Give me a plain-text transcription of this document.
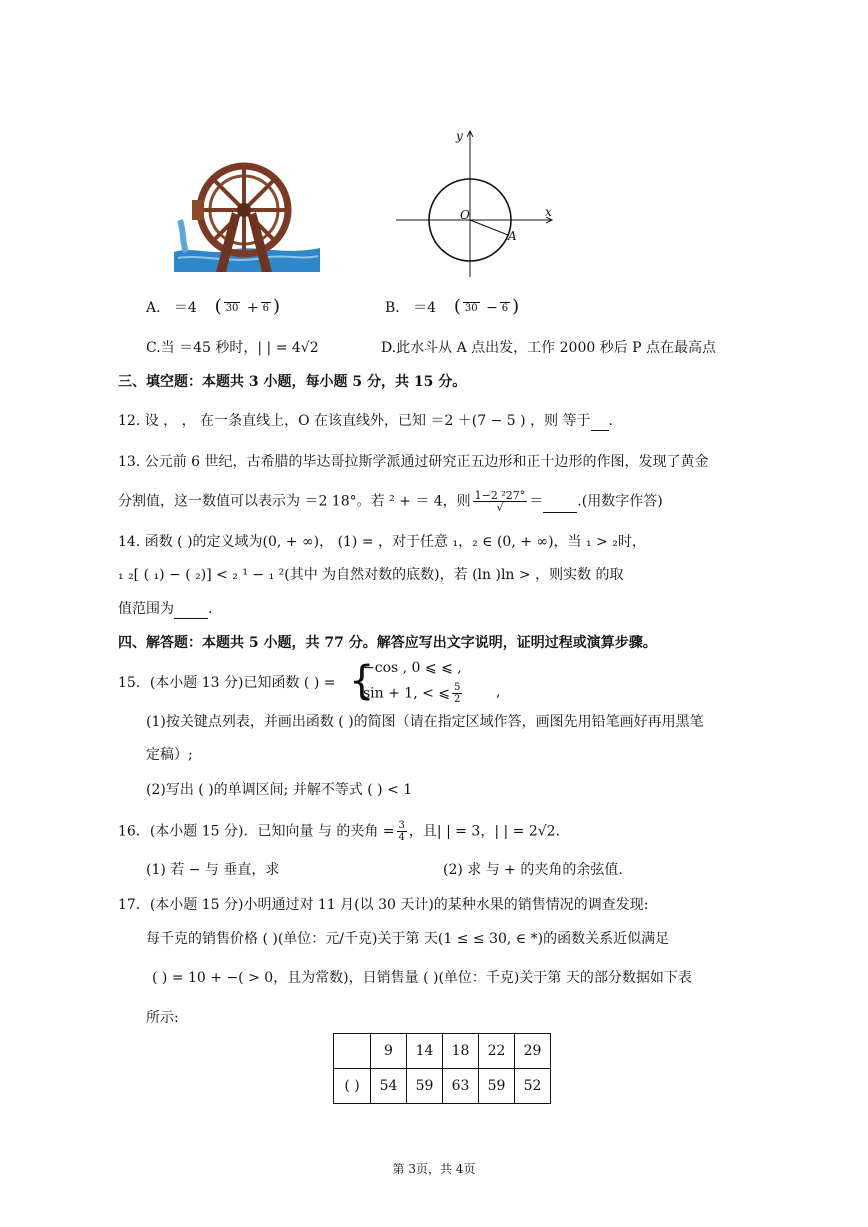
y
x
O
A
A. ＝4 ( 30 + 6 )	B. ＝4 ( 30 − 6 )
C.当 ＝45 秒时，| | = 4√2	D.此水斗从 A 点出发，工作 2000 秒后 P 点在最高点
三、填空题：本题共 3 小题，每小题 5 分，共 15 分。
12. 设 ， ， 在一条直线上，O 在该直线外，已知 ＝2 ＋(7 − 5 ) ，则 等于 .
13. 公元前 6 世纪，古希腊的毕达哥拉斯学派通过研究正五边形和正十边形的作图，发现了黄金
分割值，这一数值可以表示为 ＝2 18°。若 ² + ＝ 4，则 $\frac{\text{1−2 ²27°}}{√}$ ＝ .(用数字作答)
14. 函数 ( )的定义域为(0, + ∞)， (1) = ，对于任意 ₁，₂ ∈ (0, + ∞)，当 ₁ > ₂时，
₁ ₂[ ( ₁) − ( ₂)] < ₂ ¹ − ₁ ²(其中 为自然对数的底数)，若 (ln )ln > ，则实数 的取
值范围为 .
四、解答题：本题共 5 小题，共 77 分。解答应写出文字说明，证明过程或演算步骤。
15．(本小题 13 分)已知函数 ( ) = {
−cos , 0 ⩽ ⩽ ,
sin + 1, < ⩽ $\frac{5}{2}$ ,
(1)按关键点列表，并画出函数 ( )的简图（请在指定区域作答，画图先用铅笔画好再用黑笔
定稿）;
(2)写出 ( )的单调区间; 并解不等式 ( ) < 1
16．(本小题 15 分)．已知向量 与 的夹角 = $\frac{3}{4}$ ，且| | = 3，| | = 2√2.
(1) 若 − 与 垂直，求	(2) 求 与 + 的夹角的余弦值.
17．(本小题 15 分)小明通过对 11 月(以 30 天计)的某种水果的销售情况的调查发现:
每千克的销售价格 ( )(单位：元/千克)关于第 天(1 ≤ ≤ 30, ∈ *)的函数关系近似满足
( ) = 10 + −( > 0，且为常数)，日销售量 ( )(单位：千克)关于第 天的部分数据如下表
所示:
	9	14	18	22	29
( )	54	59	63	59	52
第 3页，共 4页
